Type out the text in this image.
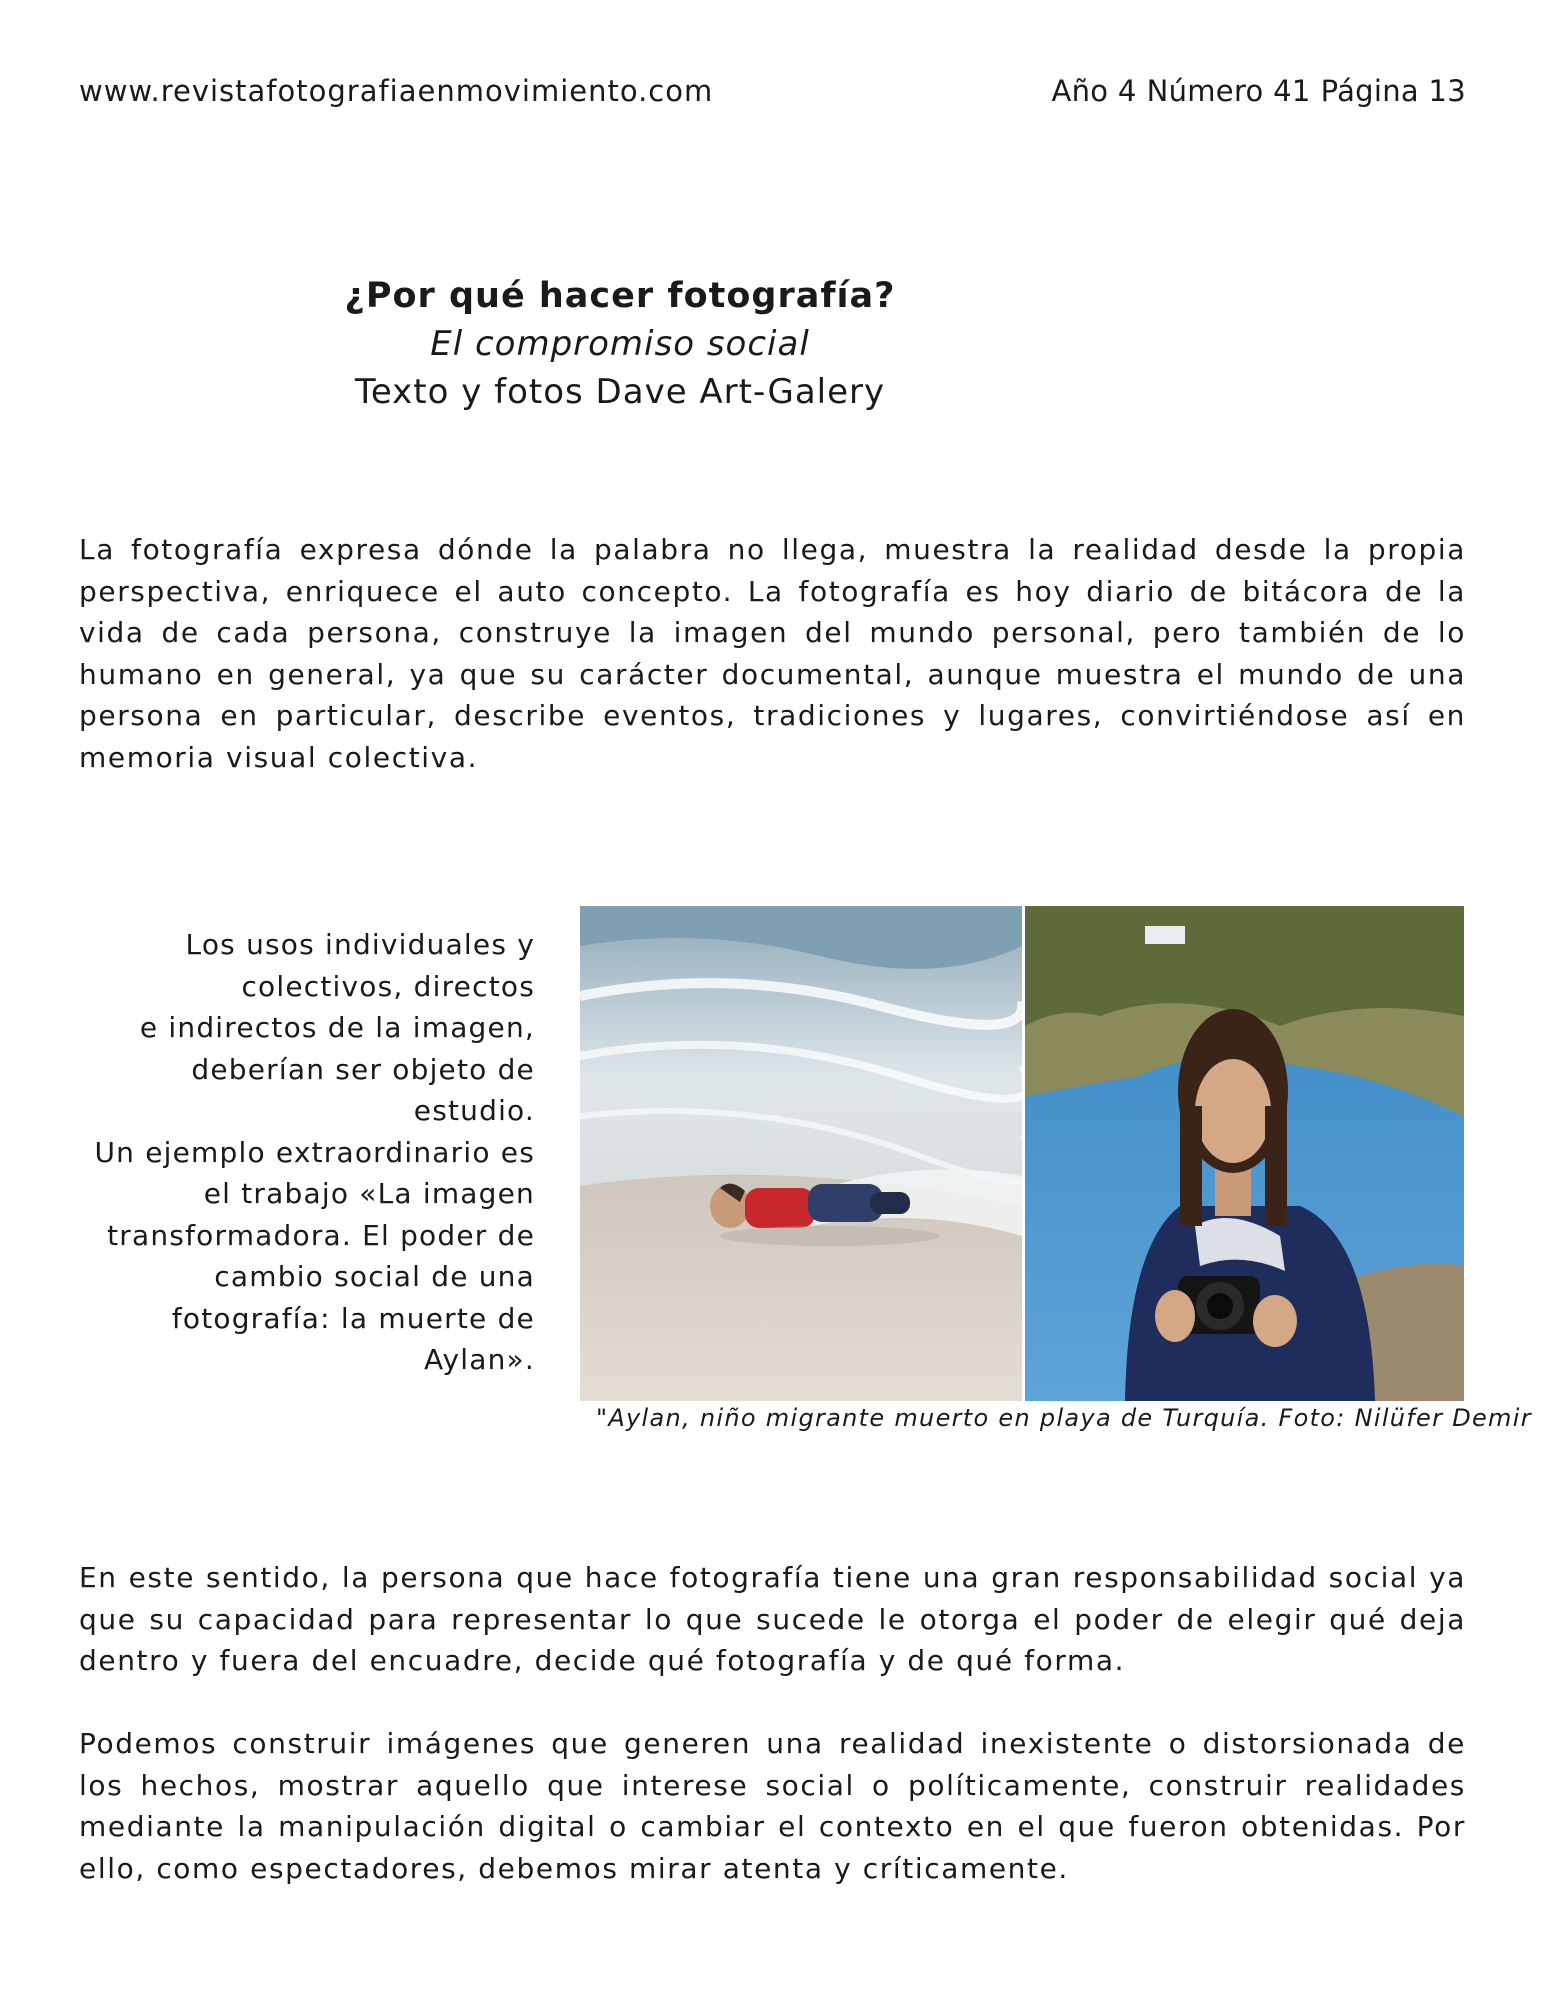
www.revistafotografiaenmovimiento.com	Año 4 Número 41 Página 13
¿Por qué hacer fotografía?
El compromiso social
Texto y fotos Dave Art-Galery

La fotografía expresa dónde la palabra no llega, muestra la realidad desde la propia perspectiva, enriquece el auto concepto. La fotografía es hoy diario de bitácora de la vida de cada persona, construye la imagen del mundo personal, pero también de lo humano en general, ya que su carácter documental, aunque muestra el mundo de una persona en particular, describe eventos, tradiciones y lugares, convirtiéndose así en memoria visual colectiva.

Los usos individuales y
colectivos, directos
e indirectos de la imagen,
deberían ser objeto de
estudio.
Un ejemplo extraordinario es
el trabajo «La imagen
transformadora. El poder de
cambio social de una
fotografía: la muerte de
Aylan».
"Aylan, niño migrante muerto en playa de Turquía. Foto: Nilüfer Demir

En este sentido, la persona que hace fotografía tiene una gran responsabilidad social ya que su capacidad para representar lo que sucede le otorga el poder de elegir qué deja dentro y fuera del encuadre, decide qué fotografía y de qué forma.

Podemos construir imágenes que generen una realidad inexistente o distorsionada de los hechos, mostrar aquello que interese social o políticamente, construir realidades mediante la manipulación digital o cambiar el contexto en el que fueron obtenidas. Por ello, como espectadores, debemos mirar atenta y críticamente.
